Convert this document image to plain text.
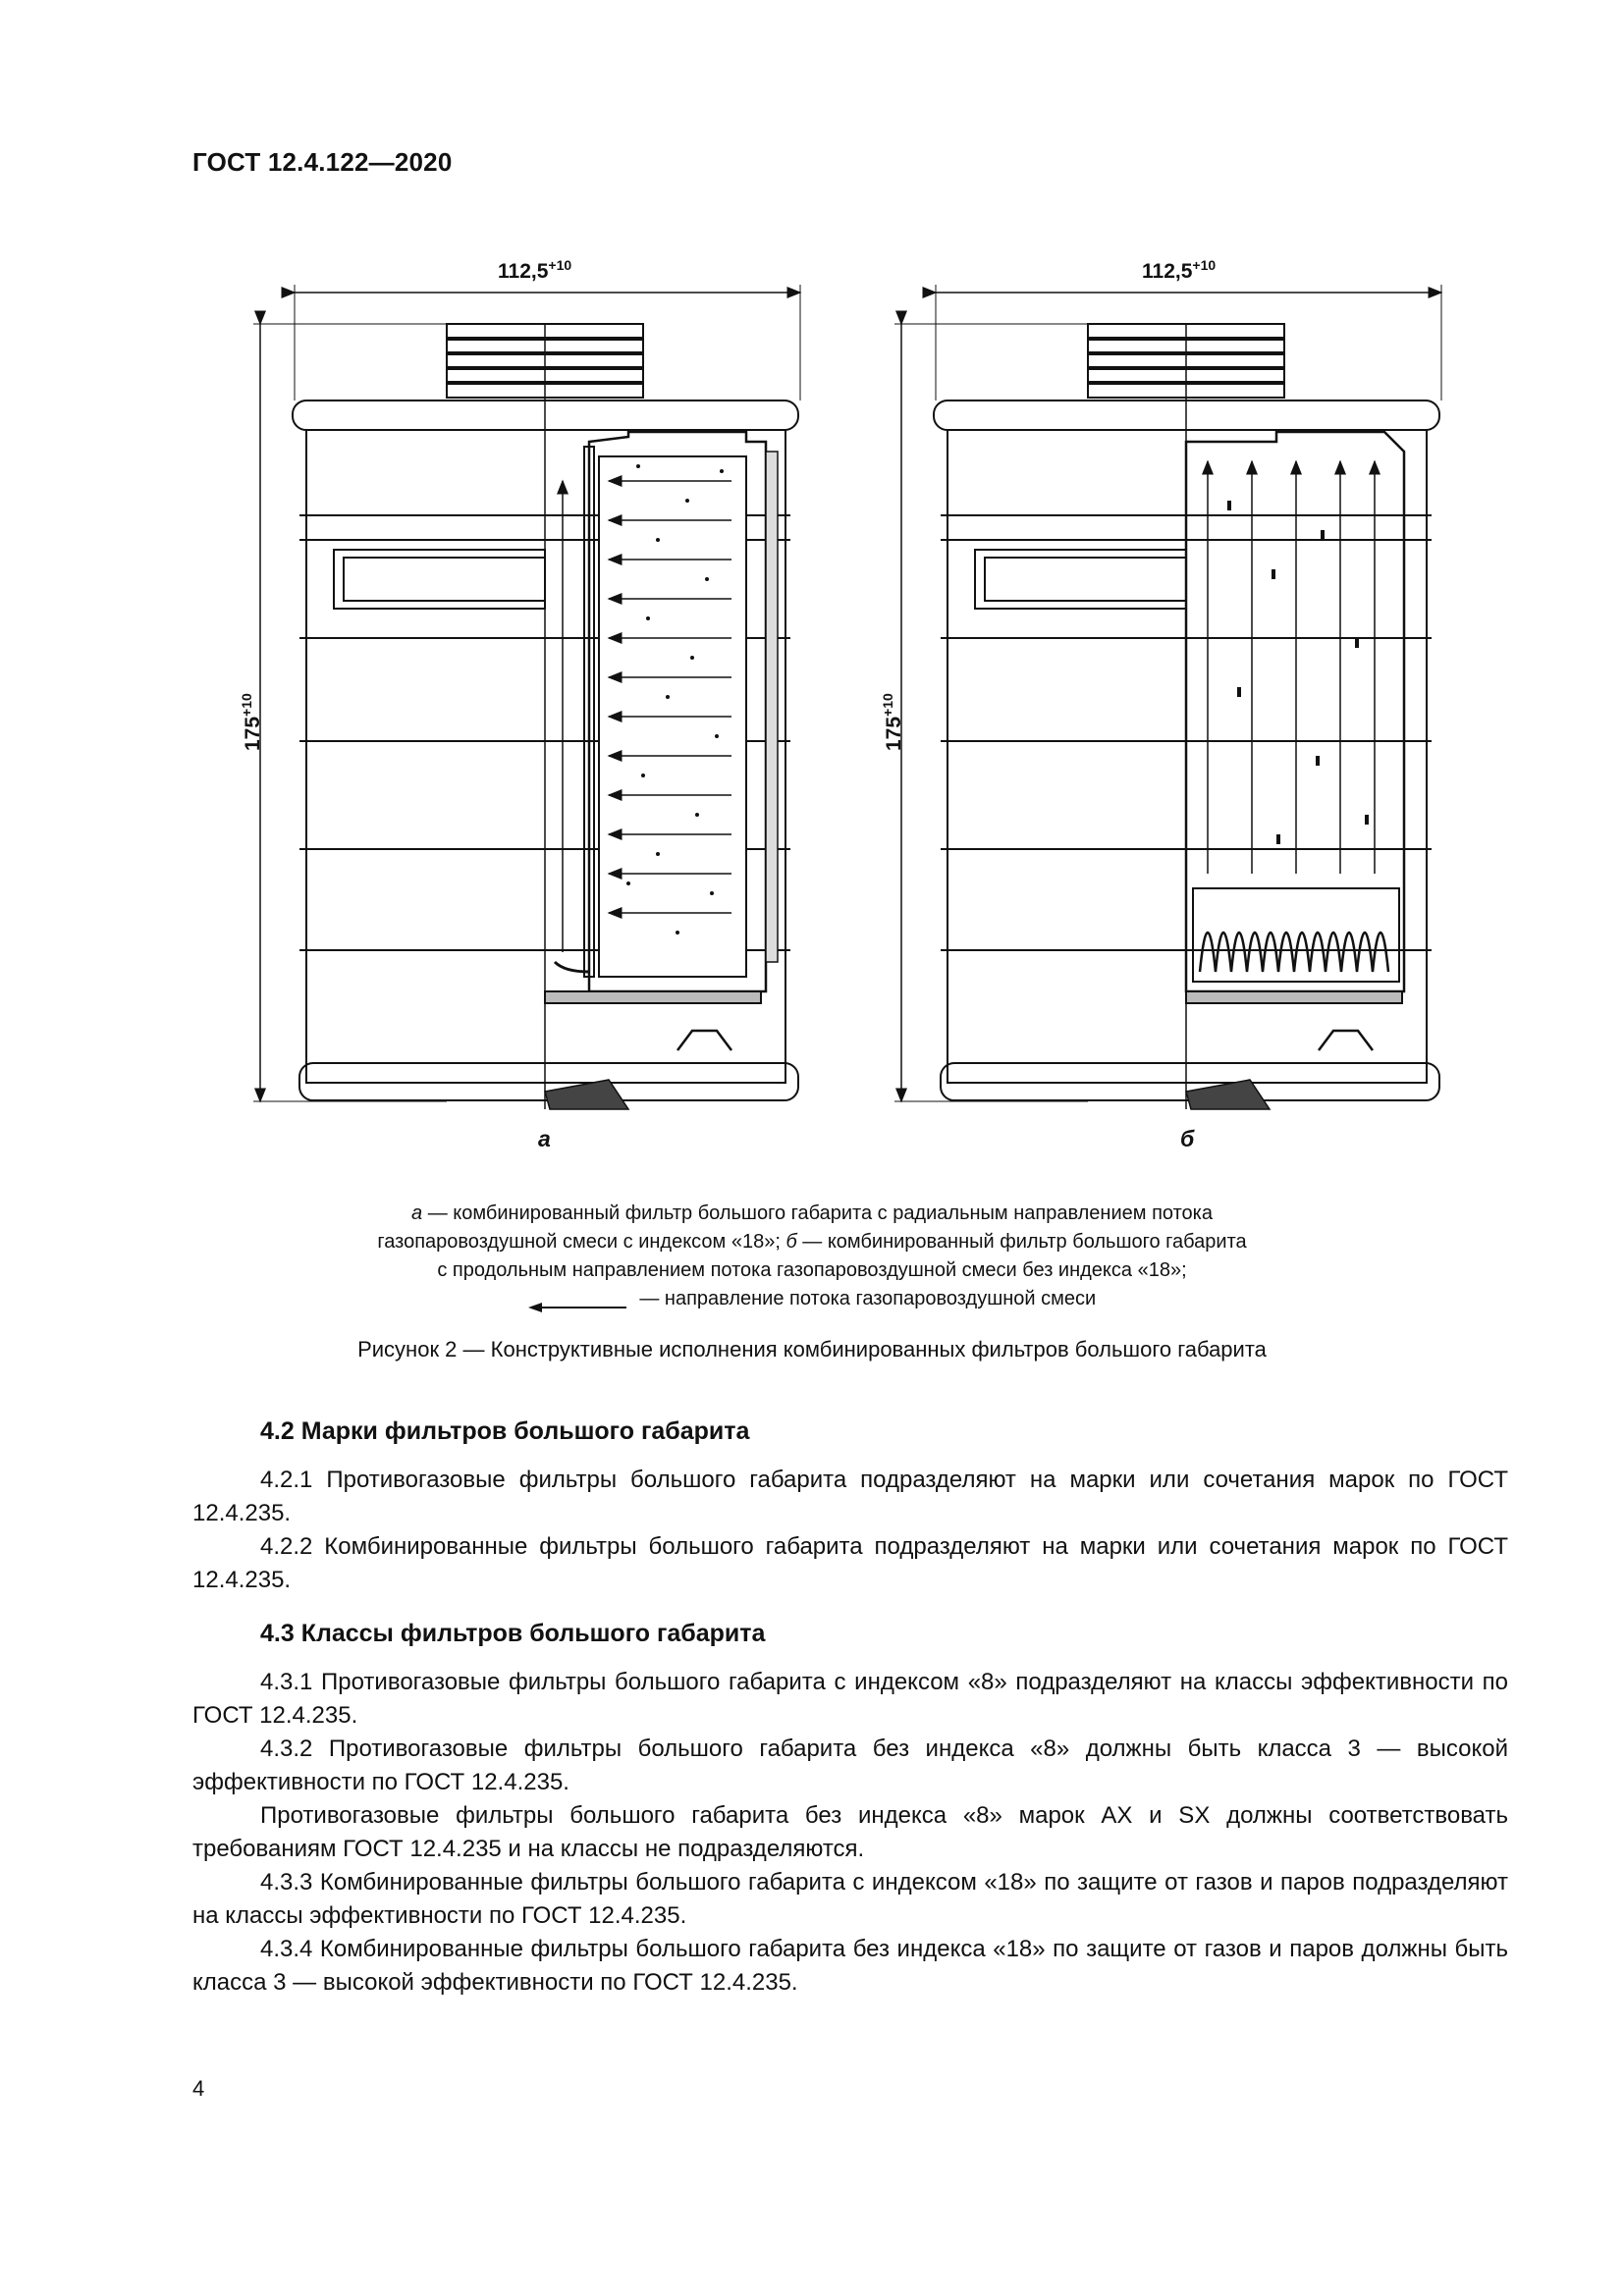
ГОСТ 12.4.122—2020
$112,5^{+10}$	$112,5^{+10}$
$175^{+10}$
$175^{+10}$
а	б
а — комбинированный фильтр большого габарита с радиальным направлением потока
газопаровоздушной смеси с индексом «18»; б — комбинированный фильтр большого габарита
с продольным направлением потока газопаровоздушной смеси без индекса «18»;
— направление потока газопаровоздушной смеси
Рисунок 2 — Конструктивные исполнения комбинированных фильтров большого габарита
4.2 Марки фильтров большого габарита

4.2.1 Противогазовые фильтры большого габарита подразделяют на марки или сочетания марок по ГОСТ 12.4.235.

4.2.2 Комбинированные фильтры большого габарита подразделяют на марки или сочетания марок по ГОСТ 12.4.235.

4.3 Классы фильтров большого габарита

4.3.1 Противогазовые фильтры большого габарита с индексом «8» подразделяют на классы эффективности по ГОСТ 12.4.235.

4.3.2 Противогазовые фильтры большого габарита без индекса «8» должны быть класса 3 — высокой эффективности по ГОСТ 12.4.235.

Противогазовые фильтры большого габарита без индекса «8» марок АХ и SX должны соответствовать требованиям ГОСТ 12.4.235 и на классы не подразделяются.

4.3.3 Комбинированные фильтры большого габарита с индексом «18» по защите от газов и паров подразделяют на классы эффективности по ГОСТ 12.4.235.

4.3.4 Комбинированные фильтры большого габарита без индекса «18» по защите от газов и паров должны быть класса 3 — высокой эффективности по ГОСТ 12.4.235.

4
